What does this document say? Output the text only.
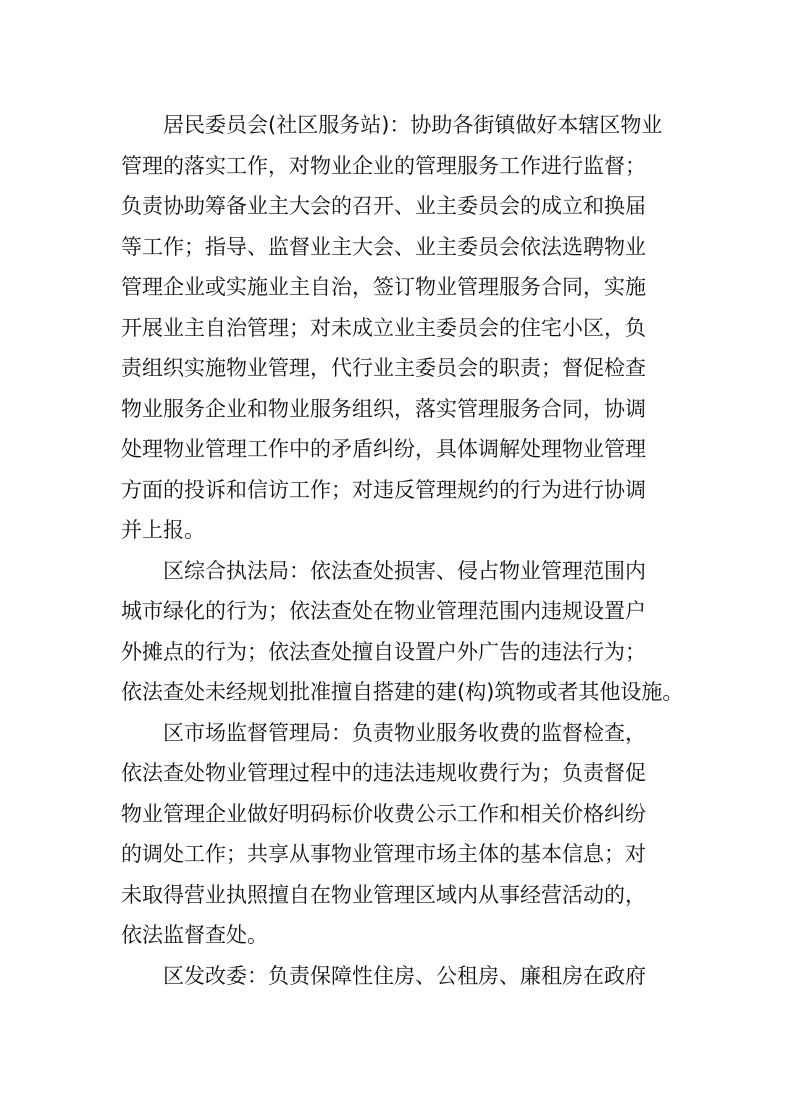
居民委员会(社区服务站)：协助各街镇做好本辖区物业
管理的落实工作，对物业企业的管理服务工作进行监督；
负责协助筹备业主大会的召开、业主委员会的成立和换届
等工作；指导、监督业主大会、业主委员会依法选聘物业
管理企业或实施业主自治，签订物业管理服务合同，实施
开展业主自治管理；对未成立业主委员会的住宅小区，负
责组织实施物业管理，代行业主委员会的职责；督促检查
物业服务企业和物业服务组织，落实管理服务合同，协调
处理物业管理工作中的矛盾纠纷，具体调解处理物业管理
方面的投诉和信访工作；对违反管理规约的行为进行协调
并上报。
区综合执法局：依法查处损害、侵占物业管理范围内
城市绿化的行为；依法查处在物业管理范围内违规设置户
外摊点的行为；依法查处擅自设置户外广告的违法行为；
依法查处未经规划批准擅自搭建的建(构)筑物或者其他设施。
区市场监督管理局：负责物业服务收费的监督检查，
依法查处物业管理过程中的违法违规收费行为；负责督促
物业管理企业做好明码标价收费公示工作和相关价格纠纷
的调处工作；共享从事物业管理市场主体的基本信息；对
未取得营业执照擅自在物业管理区域内从事经营活动的，
依法监督查处。
区发改委：负责保障性住房、公租房、廉租房在政府
